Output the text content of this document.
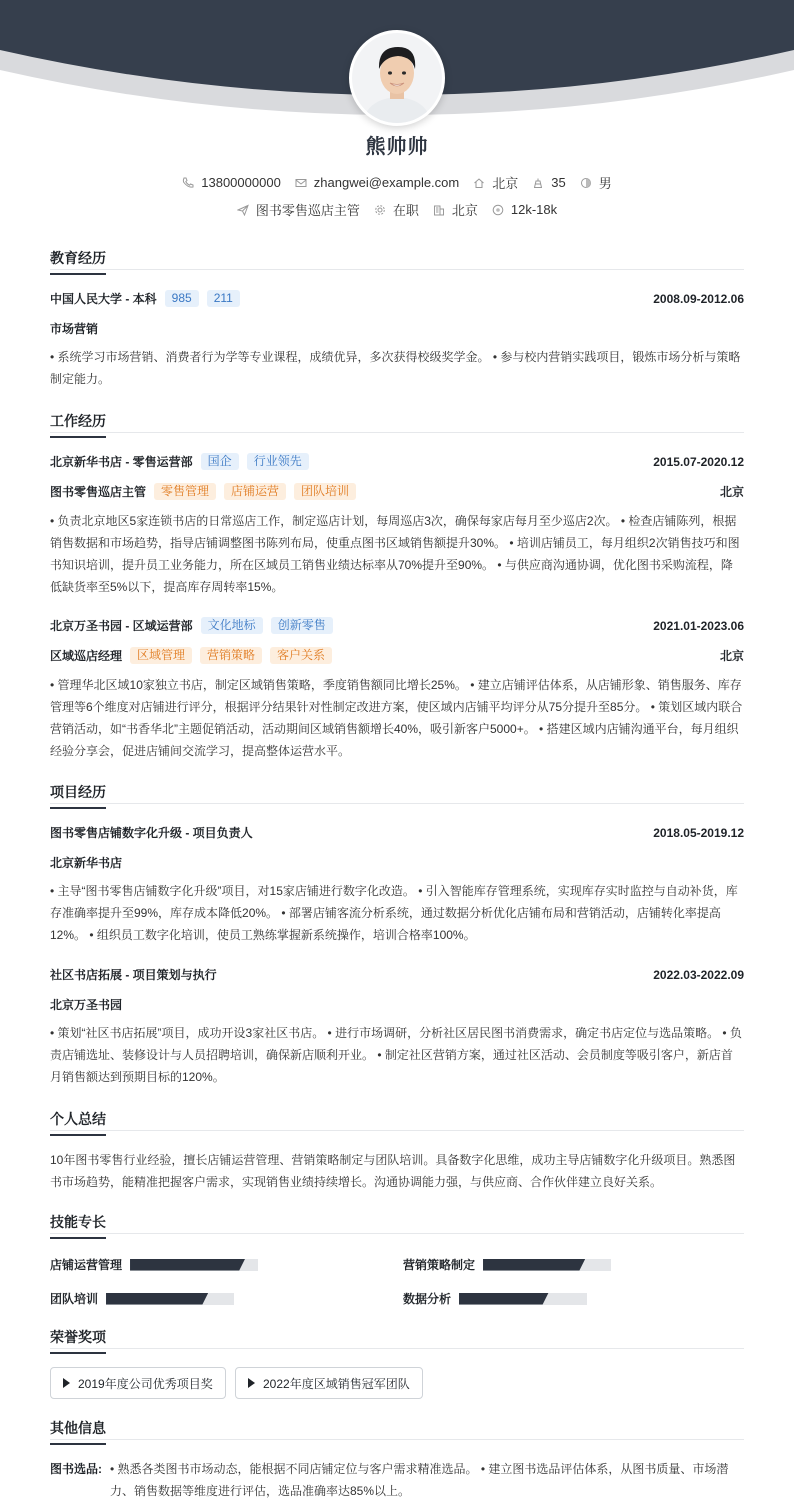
熊帅帅
13800000000	zhangwei@example.com	北京	35	男
图书零售巡店主管	在职	北京	12k-18k
教育经历
中国人民大学 - 本科	985	211	2008.09-2012.06
市场营销
• 系统学习市场营销、消费者行为学等专业课程，成绩优异，多次获得校级奖学金。 • 参与校内营销实践项目，锻炼市场分析与策略制定能力。
工作经历
北京新华书店 - 零售运营部	国企	行业领先	2015.07-2020.12
图书零售巡店主管	零售管理	店铺运营	团队培训	北京
• 负责北京地区5家连锁书店的日常巡店工作，制定巡店计划，每周巡店3次，确保每家店每月至少巡店2次。 • 检查店铺陈列，根据销售数据和市场趋势，指导店铺调整图书陈列布局，使重点图书区域销售额提升30%。 • 培训店铺员工，每月组织2次销售技巧和图书知识培训，提升员工业务能力，所在区域员工销售业绩达标率从70%提升至90%。 • 与供应商沟通协调，优化图书采购流程，降低缺货率至5%以下，提高库存周转率15%。
北京万圣书园 - 区域运营部	文化地标	创新零售	2021.01-2023.06
区域巡店经理	区域管理	营销策略	客户关系	北京
• 管理华北区域10家独立书店，制定区域销售策略，季度销售额同比增长25%。 • 建立店铺评估体系，从店铺形象、销售服务、库存管理等6个维度对店铺进行评分，根据评分结果针对性制定改进方案，使区域内店铺平均评分从75分提升至85分。 • 策划区域内联合营销活动，如“书香华北”主题促销活动，活动期间区域销售额增长40%，吸引新客户5000+。 • 搭建区域内店铺沟通平台，每月组织经验分享会，促进店铺间交流学习，提高整体运营水平。
项目经历
图书零售店铺数字化升级 - 项目负责人	2018.05-2019.12
北京新华书店
• 主导“图书零售店铺数字化升级”项目，对15家店铺进行数字化改造。 • 引入智能库存管理系统，实现库存实时监控与自动补货，库存准确率提升至99%，库存成本降低20%。 • 部署店铺客流分析系统，通过数据分析优化店铺布局和营销活动，店铺转化率提高12%。 • 组织员工数字化培训，使员工熟练掌握新系统操作，培训合格率100%。
社区书店拓展 - 项目策划与执行	2022.03-2022.09
北京万圣书园
• 策划“社区书店拓展”项目，成功开设3家社区书店。 • 进行市场调研，分析社区居民图书消费需求，确定书店定位与选品策略。 • 负责店铺选址、装修设计与人员招聘培训，确保新店顺利开业。 • 制定社区营销方案，通过社区活动、会员制度等吸引客户，新店首月销售额达到预期目标的120%。
个人总结
10年图书零售行业经验，擅长店铺运营管理、营销策略制定与团队培训。具备数字化思维，成功主导店铺数字化升级项目。熟悉图书市场趋势，能精准把握客户需求，实现销售业绩持续增长。沟通协调能力强，与供应商、合作伙伴建立良好关系。
技能专长
店铺运营管理	营销策略制定
团队培训	数据分析
荣誉奖项
2019年度公司优秀项目奖	2022年度区域销售冠军团队
其他信息
图书选品: • 熟悉各类图书市场动态，能根据不同店铺定位与客户需求精准选品。 • 建立图书选品评估体系，从图书质量、市场潜力、销售数据等维度进行评估，选品准确率达85%以上。
